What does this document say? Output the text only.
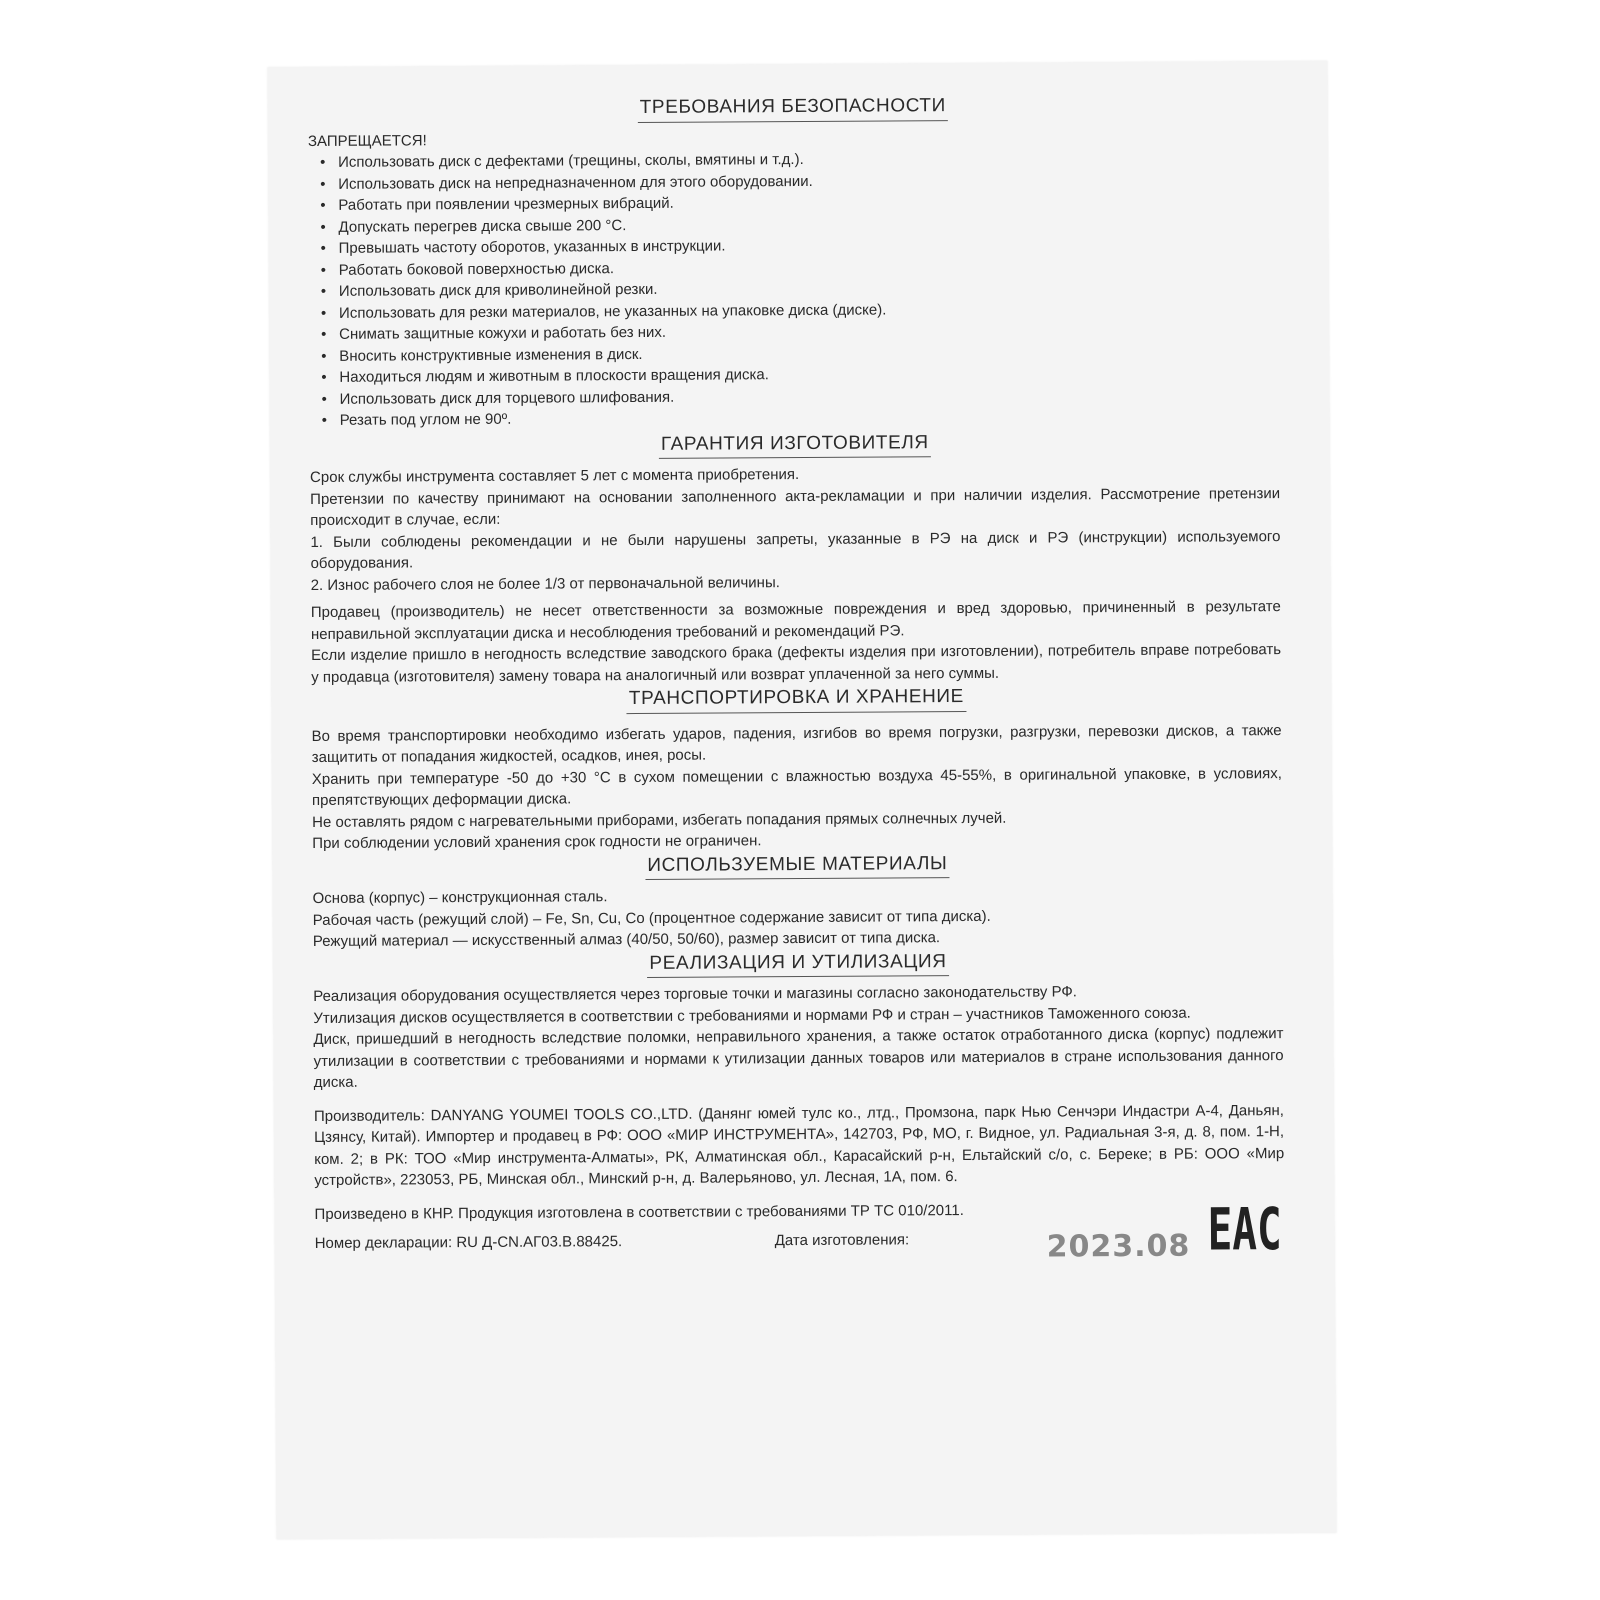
ТРЕБОВАНИЯ БЕЗОПАСНОСТИ

ЗАПРЕЩАЕТСЯ!

• Использовать диск с дефектами (трещины, сколы, вмятины и т.д.).
• Использовать диск на непредназначенном для этого оборудовании.
• Работать при появлении чрезмерных вибраций.
• Допускать перегрев диска свыше 200 °С.
• Превышать частоту оборотов, указанных в инструкции.
• Работать боковой поверхностью диска.
• Использовать диск для криволинейной резки.
• Использовать для резки материалов, не указанных на упаковке диска (диске).
• Снимать защитные кожухи и работать без них.
• Вносить конструктивные изменения в диск.
• Находиться людям и животным в плоскости вращения диска.
• Использовать диск для торцевого шлифования.
• Резать под углом не 90º.
ГАРАНТИЯ ИЗГОТОВИТЕЛЯ

Срок службы инструмента составляет 5 лет с момента приобретения.

Претензии по качеству принимают на основании заполненного акта-рекламации и при наличии изделия. Рассмотрение претензии происходит в случае, если:

1. Были соблюдены рекомендации и не были нарушены запреты, указанные в РЭ на диск и РЭ (инструкции) используемого оборудования.

2. Износ рабочего слоя не более 1/3 от первоначальной величины.

Продавец (производитель) не несет ответственности за возможные повреждения и вред здоровью, причиненный в результате неправильной эксплуатации диска и несоблюдения требований и рекомендаций РЭ.

Если изделие пришло в негодность вследствие заводского брака (дефекты изделия при изготовлении), потребитель вправе потребовать у продавца (изготовителя) замену товара на аналогичный или возврат уплаченной за него суммы.

ТРАНСПОРТИРОВКА И ХРАНЕНИЕ

Во время транспортировки необходимо избегать ударов, падения, изгибов во время погрузки, разгрузки, перевозки дисков, а также защитить от попадания жидкостей, осадков, инея, росы.

Хранить при температуре -50 до +30 °С в сухом помещении с влажностью воздуха 45-55%, в оригинальной упаковке, в условиях, препятствующих деформации диска.

Не оставлять рядом с нагревательными приборами, избегать попадания прямых солнечных лучей.

При соблюдении условий хранения срок годности не ограничен.

ИСПОЛЬЗУЕМЫЕ МАТЕРИАЛЫ

Основа (корпус) – конструкционная сталь.

Рабочая часть (режущий слой) – Fe, Sn, Cu, Co (процентное содержание зависит от типа диска).

Режущий материал — искусственный алмаз (40/50, 50/60), размер зависит от типа диска.

РЕАЛИЗАЦИЯ И УТИЛИЗАЦИЯ

Реализация оборудования осуществляется через торговые точки и магазины согласно законодательству РФ.

Утилизация дисков осуществляется в соответствии с требованиями и нормами РФ и стран – участников Таможенного союза.

Диск, пришедший в негодность вследствие поломки, неправильного хранения, а также остаток отработанного диска (корпус) подлежит утилизации в соответствии с требованиями и нормами к утилизации данных товаров или материалов в стране использования данного диска.

Производитель: DANYANG YOUMEI TOOLS CO.,LTD. (Данянг юмей тулс ко., лтд., Промзона, парк Нью Сенчэри Индастри А-4, Даньян, Цзянсу, Китай). Импортер и продавец в РФ: ООО «МИР ИНСТРУМЕНТА», 142703, РФ, МО, г. Видное, ул. Радиальная 3-я, д. 8, пом. 1-Н, ком. 2; в РК: ТОО «Мир инструмента-Алматы», РК, Алматинская обл., Карасайский р-н, Ельтайский с/о, с. Береке; в РБ: ООО «Мир устройств», 223053, РБ, Минская обл., Минский р-н, д. Валерьяново, ул. Лесная, 1А, пом. 6.

Произведено в КНР. Продукция изготовлена в соответствии с требованиями ТР ТС 010/2011.

Номер декларации: RU Д-CN.АГ03.В.88425.	Дата изготовления:	2023.08 EAC
